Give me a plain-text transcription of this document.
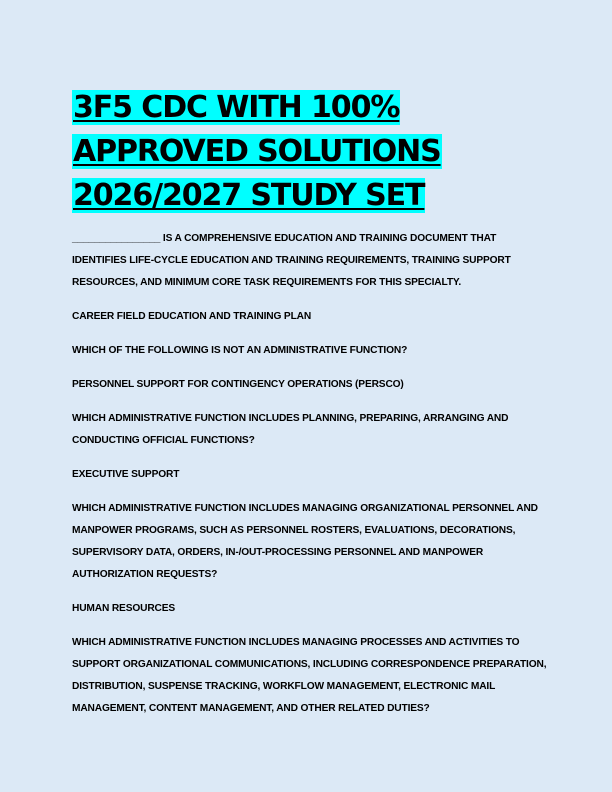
3F5 CDC WITH 100%
APPROVED SOLUTIONS
2026/2027 STUDY SET

________________ IS A COMPREHENSIVE EDUCATION AND TRAINING DOCUMENT THAT IDENTIFIES LIFE-CYCLE EDUCATION AND TRAINING REQUIREMENTS, TRAINING SUPPORT RESOURCES, AND MINIMUM CORE TASK REQUIREMENTS FOR THIS SPECIALTY.

CAREER FIELD EDUCATION AND TRAINING PLAN

WHICH OF THE FOLLOWING IS NOT AN ADMINISTRATIVE FUNCTION?

PERSONNEL SUPPORT FOR CONTINGENCY OPERATIONS (PERSCO)

WHICH ADMINISTRATIVE FUNCTION INCLUDES PLANNING, PREPARING, ARRANGING AND CONDUCTING OFFICIAL FUNCTIONS?

EXECUTIVE SUPPORT

WHICH ADMINISTRATIVE FUNCTION INCLUDES MANAGING ORGANIZATIONAL PERSONNEL AND MANPOWER PROGRAMS, SUCH AS PERSONNEL ROSTERS, EVALUATIONS, DECORATIONS, SUPERVISORY DATA, ORDERS, IN-/OUT-PROCESSING PERSONNEL AND MANPOWER AUTHORIZATION REQUESTS?

HUMAN RESOURCES

WHICH ADMINISTRATIVE FUNCTION INCLUDES MANAGING PROCESSES AND ACTIVITIES TO SUPPORT ORGANIZATIONAL COMMUNICATIONS, INCLUDING CORRESPONDENCE PREPARATION, DISTRIBUTION, SUSPENSE TRACKING, WORKFLOW MANAGEMENT, ELECTRONIC MAIL MANAGEMENT, CONTENT MANAGEMENT, AND OTHER RELATED DUTIES?
